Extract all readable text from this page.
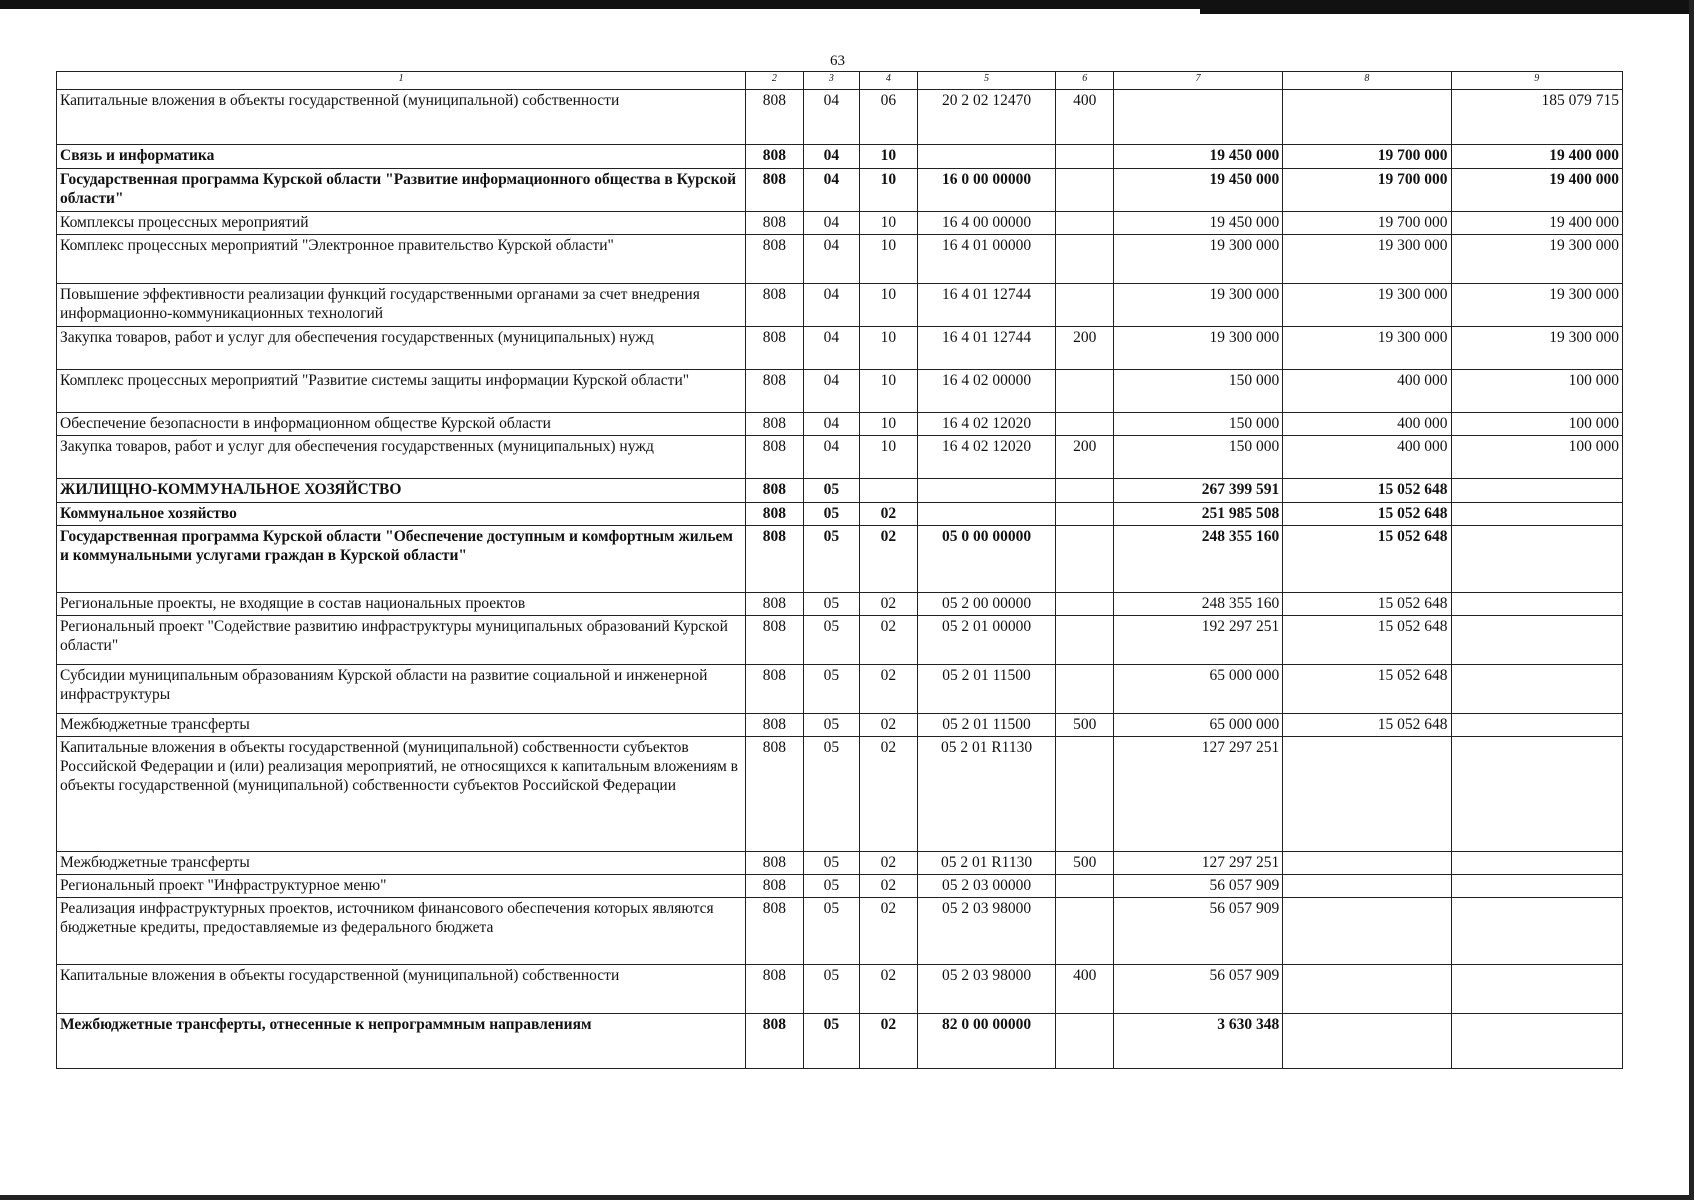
63
1	2	3	4	5	6	7	8	9
Капитальные вложения в объекты государственной (муниципальной) собственности	808	04	06	20 2 02 12470	400			185 079 715
Связь и информатика	808	04	10			19 450 000	19 700 000	19 400 000
Государственная программа Курской области "Развитие информационного общества в Курской области"	808	04	10	16 0 00 00000		19 450 000	19 700 000	19 400 000
Комплексы процессных мероприятий	808	04	10	16 4 00 00000		19 450 000	19 700 000	19 400 000
Комплекс процессных мероприятий "Электронное правительство Курской области"	808	04	10	16 4 01 00000		19 300 000	19 300 000	19 300 000
Повышение эффективности реализации функций государственными органами за счет внедрения информационно-коммуникационных технологий	808	04	10	16 4 01 12744		19 300 000	19 300 000	19 300 000
Закупка товаров, работ и услуг для обеспечения государственных (муниципальных) нужд	808	04	10	16 4 01 12744	200	19 300 000	19 300 000	19 300 000
Комплекс процессных мероприятий "Развитие системы защиты информации Курской области"	808	04	10	16 4 02 00000		150 000	400 000	100 000
Обеспечение безопасности в информационном обществе Курской области	808	04	10	16 4 02 12020		150 000	400 000	100 000
Закупка товаров, работ и услуг для обеспечения государственных (муниципальных) нужд	808	04	10	16 4 02 12020	200	150 000	400 000	100 000
ЖИЛИЩНО-КОММУНАЛЬНОЕ ХОЗЯЙСТВО	808	05				267 399 591	15 052 648	
Коммунальное хозяйство	808	05	02			251 985 508	15 052 648	
Государственная программа Курской области "Обеспечение доступным и комфортным жильем и коммунальными услугами граждан в Курской области"	808	05	02	05 0 00 00000		248 355 160	15 052 648	
Региональные проекты, не входящие в состав национальных проектов	808	05	02	05 2 00 00000		248 355 160	15 052 648	
Региональный проект "Содействие развитию инфраструктуры муниципальных образований Курской области"	808	05	02	05 2 01 00000		192 297 251	15 052 648	
Субсидии муниципальным образованиям Курской области на развитие социальной и инженерной инфраструктуры	808	05	02	05 2 01 11500		65 000 000	15 052 648	
Межбюджетные трансферты	808	05	02	05 2 01 11500	500	65 000 000	15 052 648	
Капитальные вложения в объекты государственной (муниципальной) собственности субъектов Российской Федерации и (или) реализация мероприятий, не относящихся к капитальным вложениям в объекты государственной (муниципальной) собственности субъектов Российской Федерации	808	05	02	05 2 01 R1130		127 297 251		
Межбюджетные трансферты	808	05	02	05 2 01 R1130	500	127 297 251		
Региональный проект "Инфраструктурное меню"	808	05	02	05 2 03 00000		56 057 909		
Реализация инфраструктурных проектов, источником финансового обеспечения которых являются бюджетные кредиты, предоставляемые из федерального бюджета	808	05	02	05 2 03 98000		56 057 909		
Капитальные вложения в объекты государственной (муниципальной) собственности	808	05	02	05 2 03 98000	400	56 057 909		
Межбюджетные трансферты, отнесенные к непрограммным направлениям	808	05	02	82 0 00 00000		3 630 348		
